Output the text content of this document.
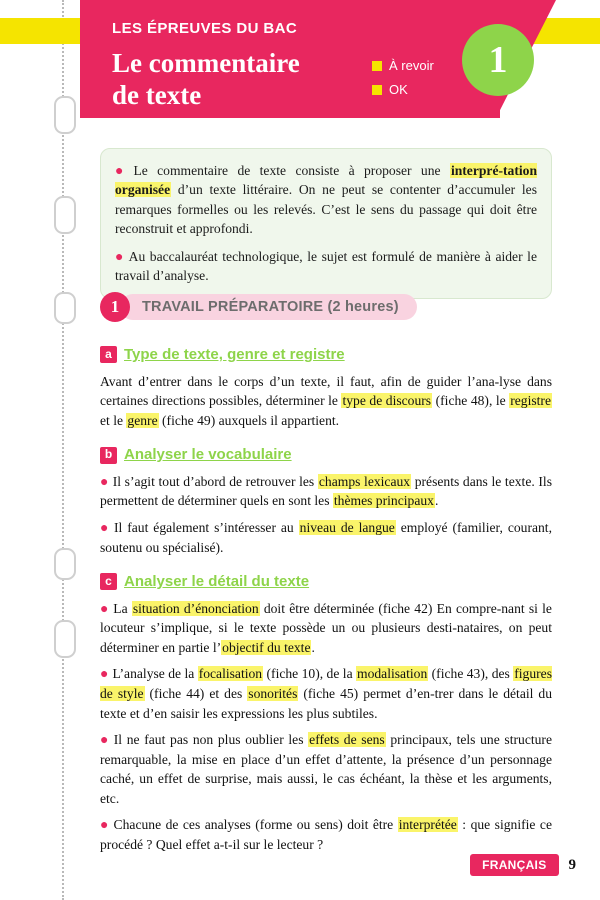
LES ÉPREUVES DU BAC
Le commentaire
de texte
À revoir
OK
1

● Le commentaire de texte consiste à proposer une interpré-tation organisée d’un texte littéraire. On ne peut se contenter d’accumuler les remarques formelles ou les relevés. C’est le sens du passage qui doit être reconstruit et approfondi.

● Au baccalauréat technologique, le sujet est formulé de manière à aider le travail d’analyse.

1	TRAVAIL PRÉPARATOIRE (2 heures)
a Type de texte, genre et registre

Avant d’entrer dans le corps d’un texte, il faut, afin de guider l’ana-lyse dans certaines directions possibles, déterminer le type de discours (fiche 48), le registre et le genre (fiche 49) auxquels il appartient.

b Analyser le vocabulaire

● Il s’agit tout d’abord de retrouver les champs lexicaux présents dans le texte. Ils permettent de déterminer quels en sont les thèmes principaux.

● Il faut également s’intéresser au niveau de langue employé (familier, courant, soutenu ou spécialisé).

c Analyser le détail du texte

● La situation d’énonciation doit être déterminée (fiche 42) En compre-nant si le locuteur s’implique, si le texte possède un ou plusieurs desti-nataires, on peut déterminer en partie l’objectif du texte.

● L’analyse de la focalisation (fiche 10), de la modalisation (fiche 43), des figures de style (fiche 44) et des sonorités (fiche 45) permet d’en-trer dans le détail du texte et d’en saisir les expressions les plus subtiles.

● Il ne faut pas non plus oublier les effets de sens principaux, tels une structure remarquable, la mise en place d’un effet d’attente, la présence d’un personnage caché, un effet de surprise, mais aussi, le cas échéant, la thèse et les arguments, etc.

● Chacune de ces analyses (forme ou sens) doit être interprétée : que signifie ce procédé ? Quel effet a-t-il sur le lecteur ?

FRANÇAIS	9
